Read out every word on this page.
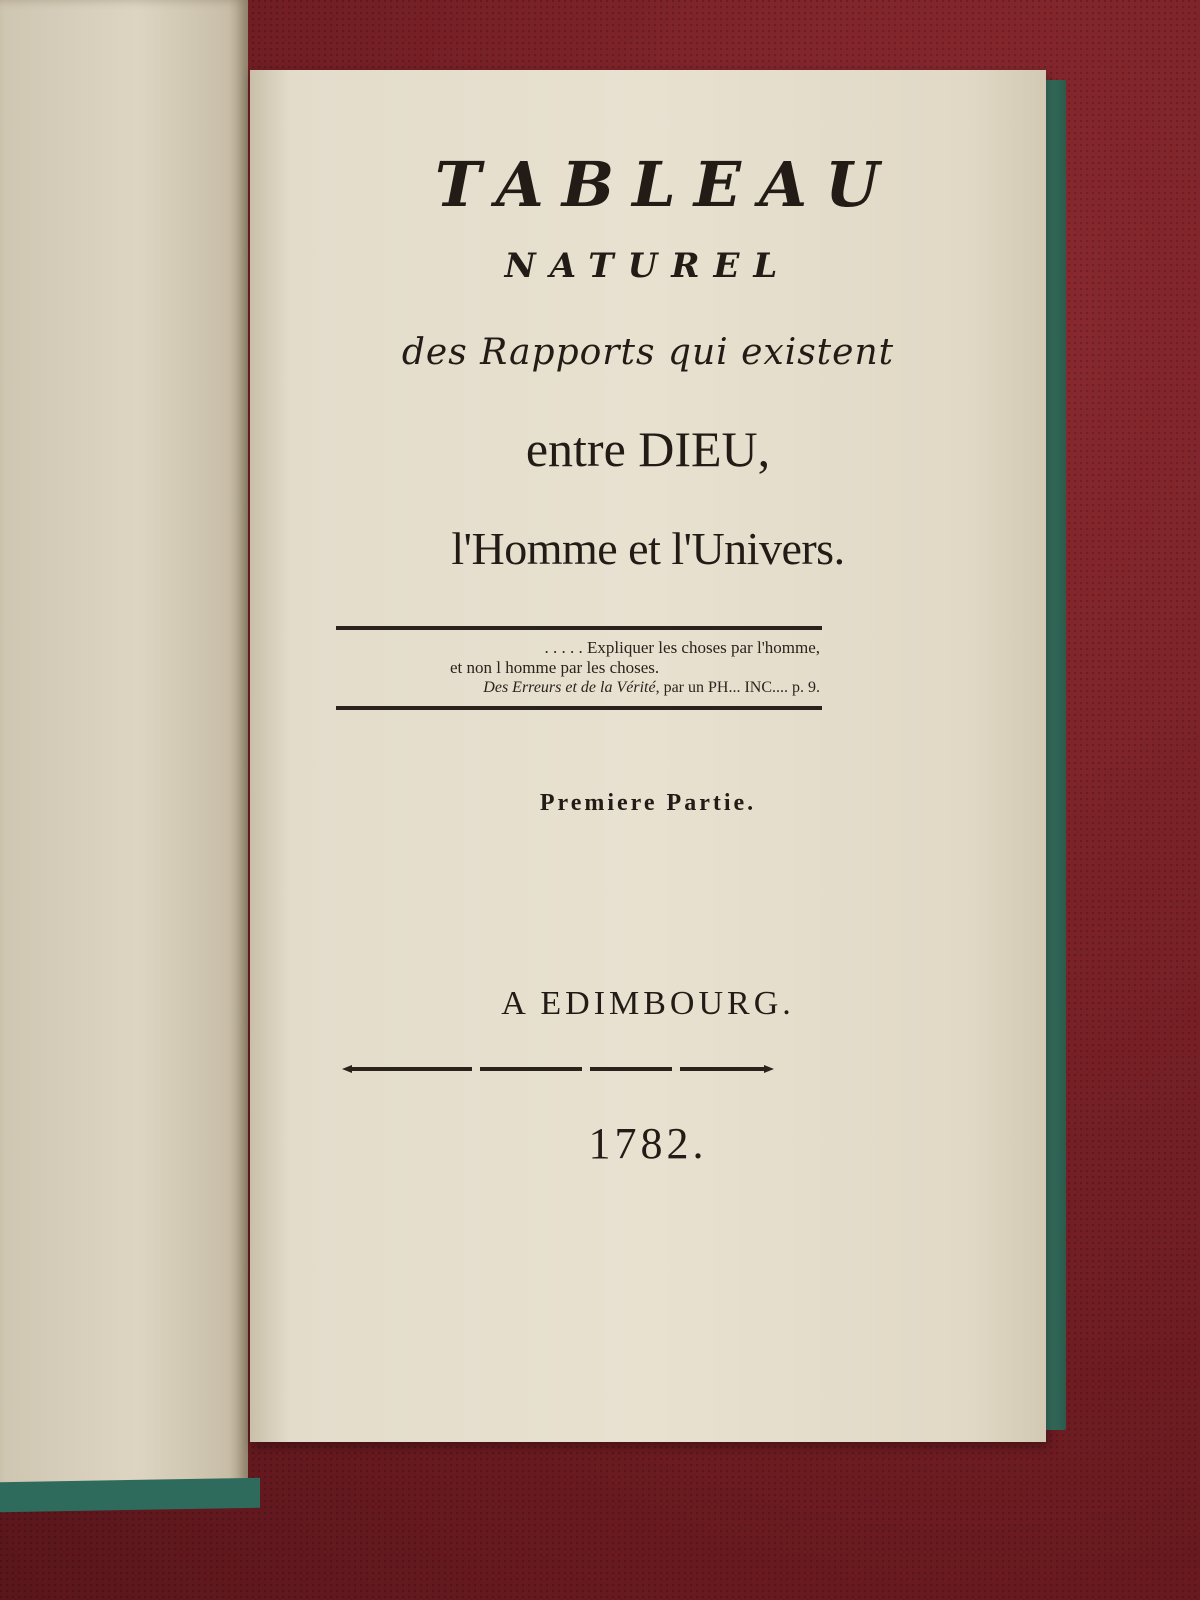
TABLEAU
NATUREL
des Rapports qui existent
entre DIEU,
l'Homme et l'Univers.
. . . . . Expliquer les choses par l'homme,
et non l homme par les choses.
Des Erreurs et de la Vérité, par un PH... INC.... p. 9.
Premiere Partie.
A EDIMBOURG.
1782.
